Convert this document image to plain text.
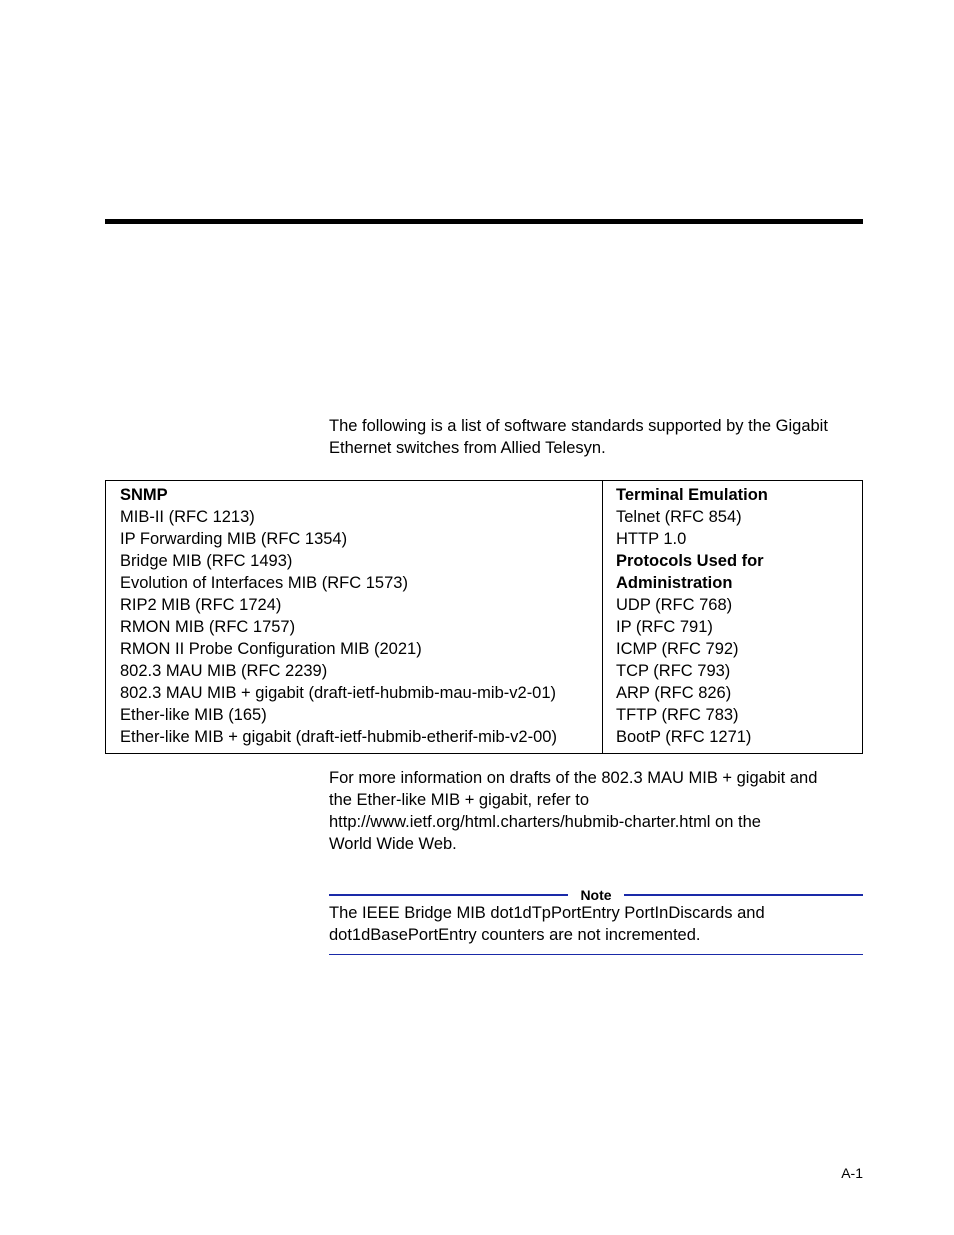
The following is a list of software standards supported by the Gigabit
Ethernet switches from Allied Telesyn.

SNMP
MIB-II (RFC 1213)
IP Forwarding MIB (RFC 1354)
Bridge MIB (RFC 1493)
Evolution of Interfaces MIB (RFC 1573)
RIP2 MIB (RFC 1724)
RMON MIB (RFC 1757)
RMON II Probe Configuration MIB (2021)
802.3 MAU MIB (RFC 2239)
802.3 MAU MIB + gigabit (draft-ietf-hubmib-mau-mib-v2-01)
Ether-like MIB (165)
Ether-like MIB + gigabit (draft-ietf-hubmib-etherif-mib-v2-00)
Terminal Emulation
Telnet (RFC 854)
HTTP 1.0
Protocols Used for
Administration
UDP (RFC 768)
IP (RFC 791)
ICMP (RFC 792)
TCP (RFC 793)
ARP (RFC 826)
TFTP (RFC 783)
BootP (RFC 1271)
For more information on drafts of the 802.3 MAU MIB + gigabit and
the Ether-like MIB + gigabit, refer to
http://www.ietf.org/html.charters/hubmib-charter.html on the
World Wide Web.
Note
The IEEE Bridge MIB dot1dTpPortEntry PortInDiscards and
dot1dBasePortEntry counters are not incremented.
A-1
